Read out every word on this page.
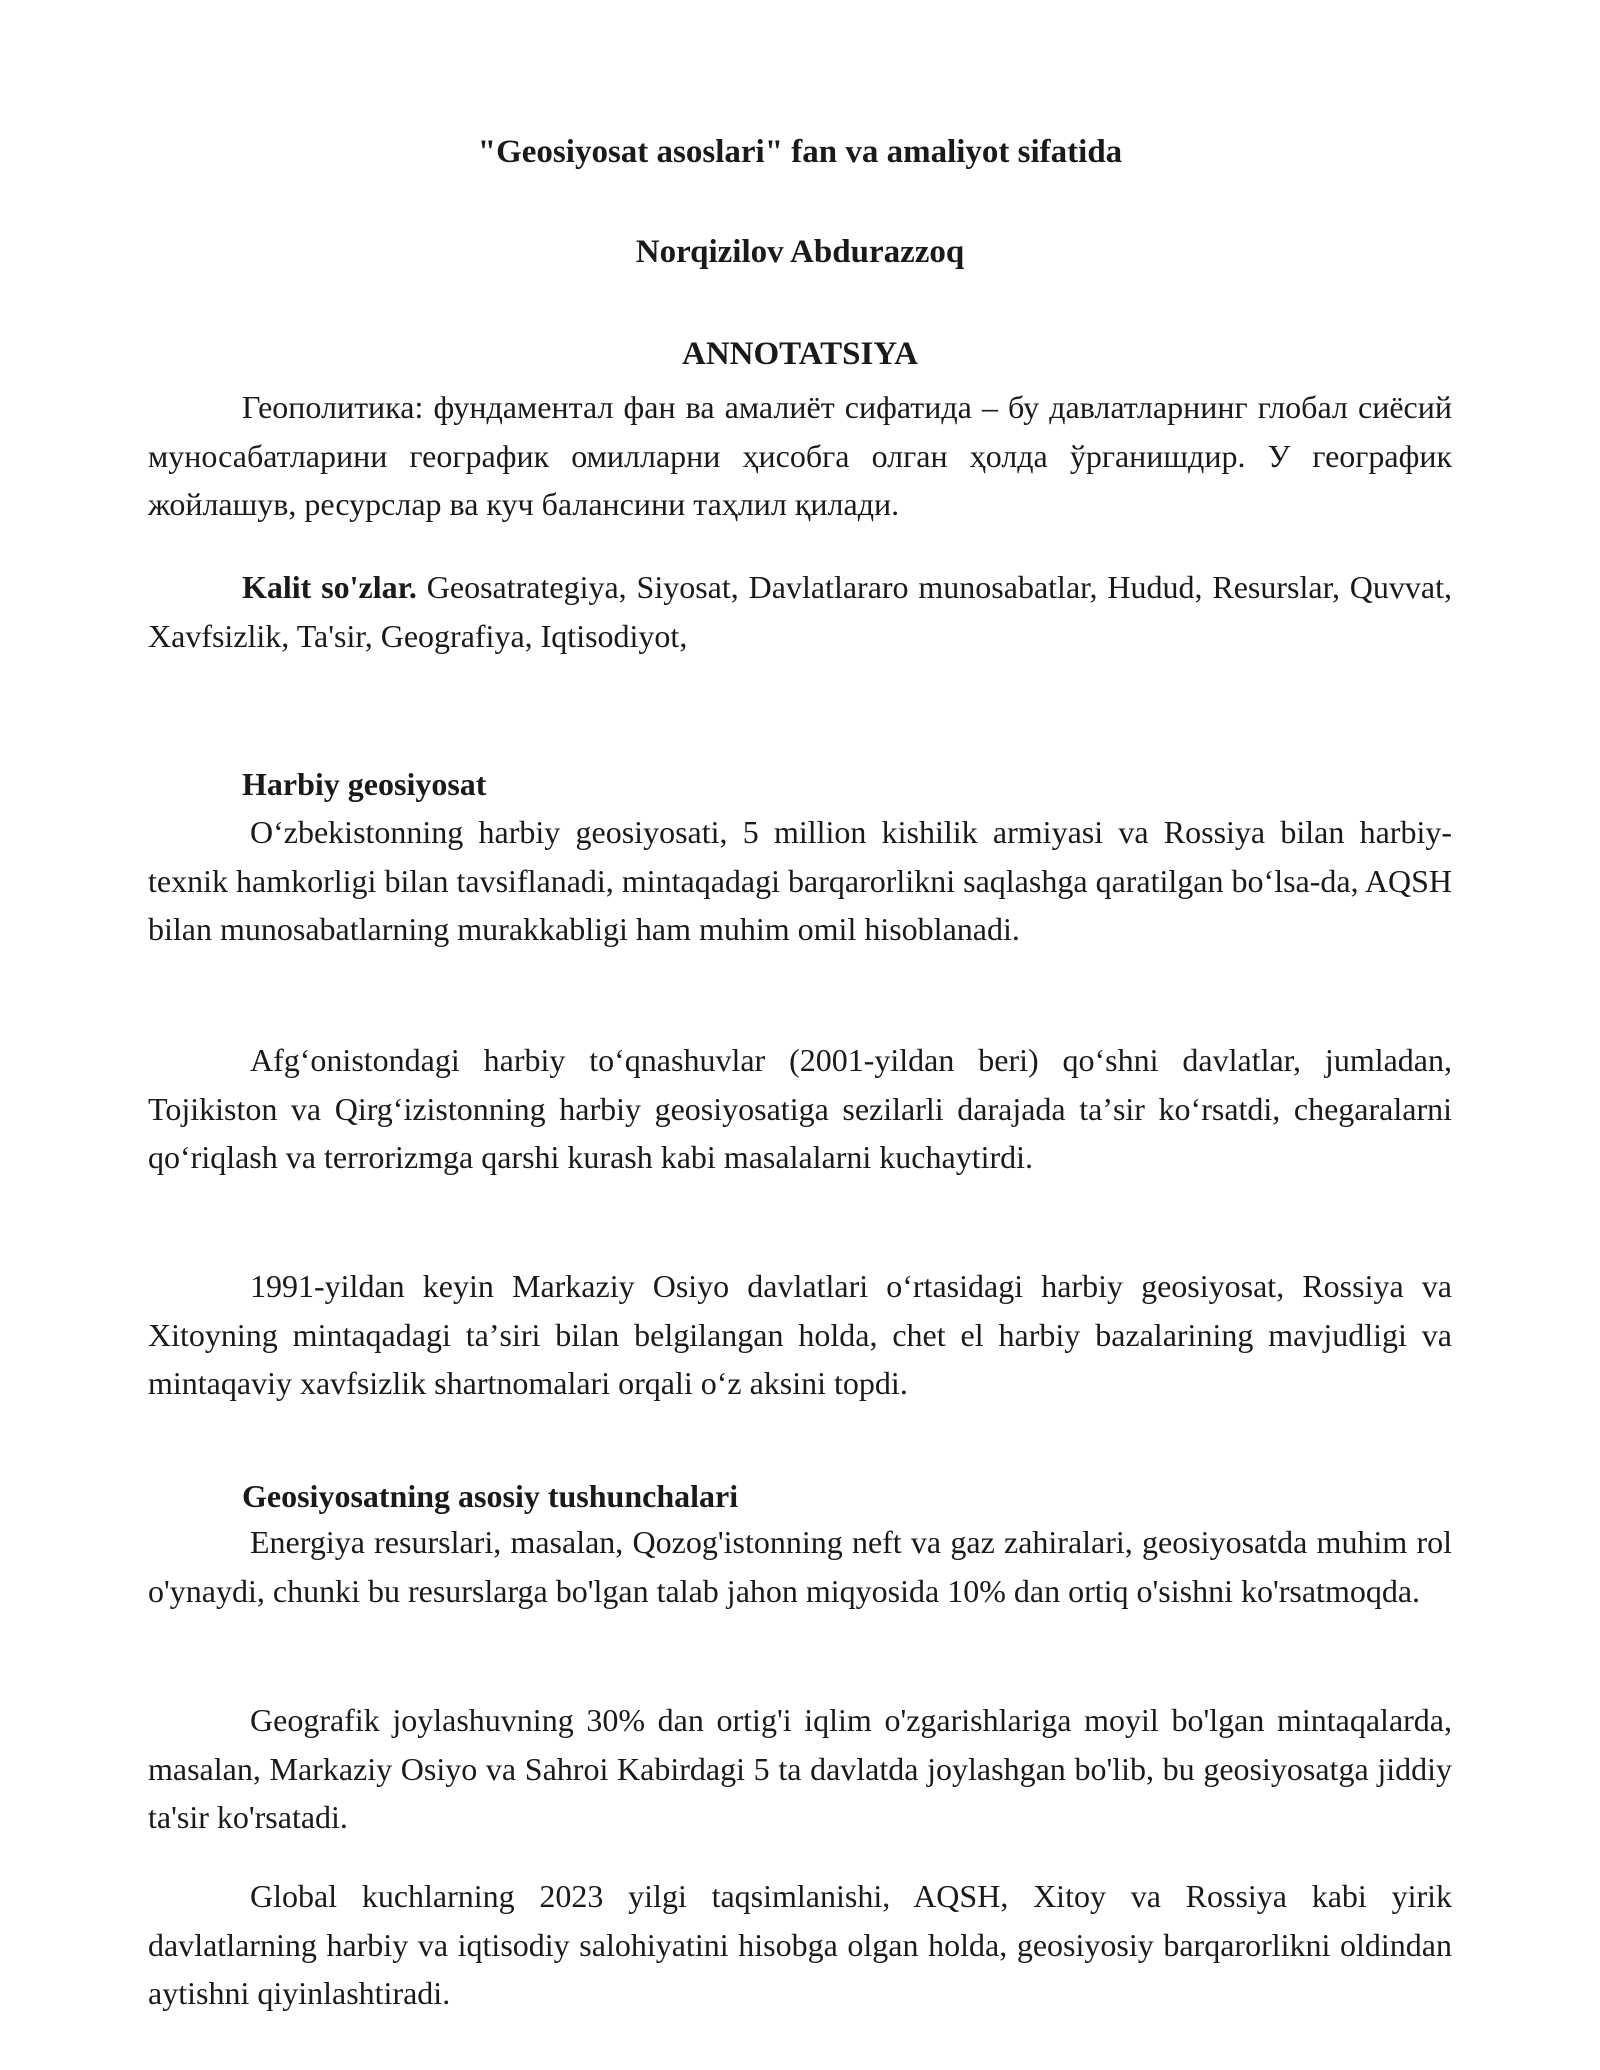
"Geosiyosat asoslari" fan va amaliyot sifatida
Norqizilov Abdurazzoq
ANNOTATSIYA

Геополитика: фундаментал фан ва амалиёт сифатида – бу давлатларнинг глобал сиёсий муносабатларини географик омилларни ҳисобга олган ҳолда ўрганишдир. У географик жойлашув, ресурслар ва куч балансини таҳлил қилади.

Kalit so'zlar. Geosatrategiya, Siyosat, Davlatlararo munosabatlar, Hudud, Resurslar, Quvvat, Xavfsizlik, Ta'sir, Geografiya, Iqtisodiyot,

Harbiy geosiyosat

Oʻzbekistonning harbiy geosiyosati, 5 million kishilik armiyasi va Rossiya bilan harbiy-texnik hamkorligi bilan tavsiflanadi, mintaqadagi barqarorlikni saqlashga qaratilgan boʻlsa-da, AQSH bilan munosabatlarning murakkabligi ham muhim omil hisoblanadi.

Afgʻonistondagi harbiy toʻqnashuvlar (2001-yildan beri) qoʻshni davlatlar, jumladan, Tojikiston va Qirgʻizistonning harbiy geosiyosatiga sezilarli darajada taʼsir koʻrsatdi, chegaralarni qoʻriqlash va terrorizmga qarshi kurash kabi masalalarni kuchaytirdi.

1991-yildan keyin Markaziy Osiyo davlatlari oʻrtasidagi harbiy geosiyosat, Rossiya va Xitoyning mintaqadagi taʼsiri bilan belgilangan holda, chet el harbiy bazalarining mavjudligi va mintaqaviy xavfsizlik shartnomalari orqali oʻz aksini topdi.

Geosiyosatning asosiy tushunchalari

Energiya resurslari, masalan, Qozog'istonning neft va gaz zahiralari, geosiyosatda muhim rol o'ynaydi, chunki bu resurslarga bo'lgan talab jahon miqyosida 10% dan ortiq o'sishni ko'rsatmoqda.

Geografik joylashuvning 30% dan ortig'i iqlim o'zgarishlariga moyil bo'lgan mintaqalarda, masalan, Markaziy Osiyo va Sahroi Kabirdagi 5 ta davlatda joylashgan bo'lib, bu geosiyosatga jiddiy ta'sir ko'rsatadi.

Global kuchlarning 2023 yilgi taqsimlanishi, AQSH, Xitoy va Rossiya kabi yirik davlatlarning harbiy va iqtisodiy salohiyatini hisobga olgan holda, geosiyosiy barqarorlikni oldindan aytishni qiyinlashtiradi.
